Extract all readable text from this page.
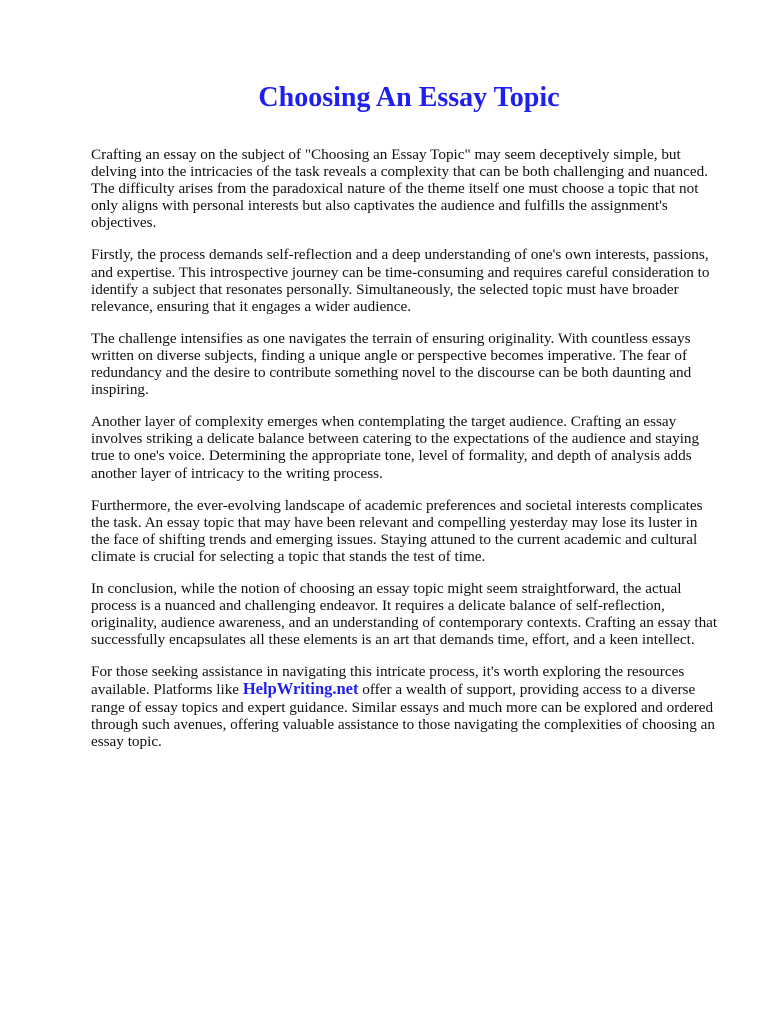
Choosing An Essay Topic

Crafting an essay on the subject of "Choosing an Essay Topic" may seem deceptively simple, but delving into the intricacies of the task reveals a complexity that can be both challenging and nuanced. The difficulty arises from the paradoxical nature of the theme itself one must choose a topic that not only aligns with personal interests but also captivates the audience and fulfills the assignment's objectives.

Firstly, the process demands self-reflection and a deep understanding of one's own interests, passions, and expertise. This introspective journey can be time-consuming and requires careful consideration to identify a subject that resonates personally. Simultaneously, the selected topic must have broader relevance, ensuring that it engages a wider audience.

The challenge intensifies as one navigates the terrain of ensuring originality. With countless essays written on diverse subjects, finding a unique angle or perspective becomes imperative. The fear of redundancy and the desire to contribute something novel to the discourse can be both daunting and inspiring.

Another layer of complexity emerges when contemplating the target audience. Crafting an essay involves striking a delicate balance between catering to the expectations of the audience and staying true to one's voice. Determining the appropriate tone, level of formality, and depth of analysis adds another layer of intricacy to the writing process.

Furthermore, the ever-evolving landscape of academic preferences and societal interests complicates the task. An essay topic that may have been relevant and compelling yesterday may lose its luster in the face of shifting trends and emerging issues. Staying attuned to the current academic and cultural climate is crucial for selecting a topic that stands the test of time.

In conclusion, while the notion of choosing an essay topic might seem straightforward, the actual process is a nuanced and challenging endeavor. It requires a delicate balance of self-reflection, originality, audience awareness, and an understanding of contemporary contexts. Crafting an essay that successfully encapsulates all these elements is an art that demands time, effort, and a keen intellect.

For those seeking assistance in navigating this intricate process, it's worth exploring the resources available. Platforms like HelpWriting.net offer a wealth of support, providing access to a diverse range of essay topics and expert guidance. Similar essays and much more can be explored and ordered through such avenues, offering valuable assistance to those navigating the complexities of choosing an essay topic.
